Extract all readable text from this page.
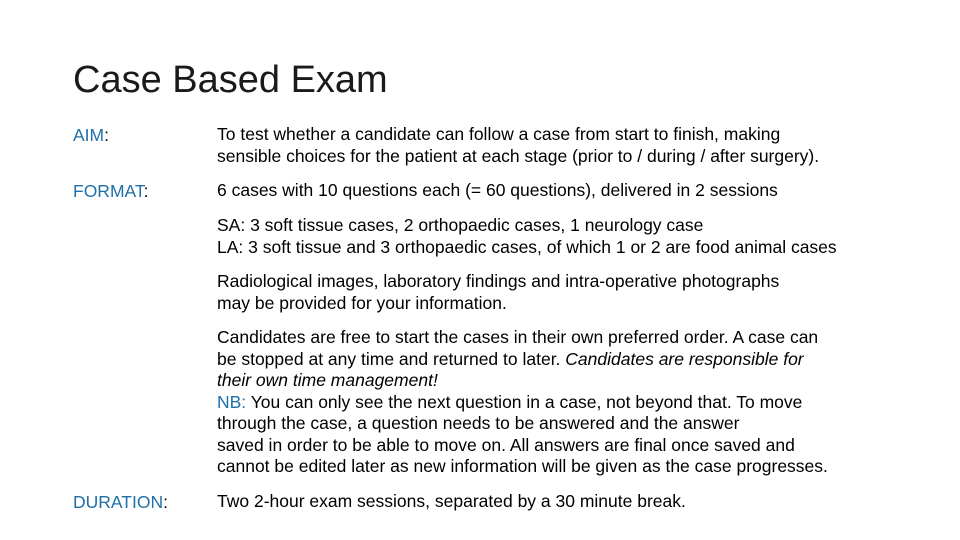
Case Based Exam
AIM:	To test whether a candidate can follow a case from start to finish, making
sensible choices for the patient at each stage (prior to / during / after surgery).
FORMAT:	6 cases with 10 questions each (= 60 questions), delivered in 2 sessions
SA: 3 soft tissue cases, 2 orthopaedic cases, 1 neurology case
LA: 3 soft tissue and 3 orthopaedic cases, of which 1 or 2 are food animal cases
Radiological images, laboratory findings and intra-operative photographs
may be provided for your information.
Candidates are free to start the cases in their own preferred order. A case can
be stopped at any time and returned to later. Candidates are responsible for
their own time management!
NB: You can only see the next question in a case, not beyond that. To move
through the case, a question needs to be answered and the answer
saved in order to be able to move on. All answers are final once saved and
cannot be edited later as new information will be given as the case progresses.
DURATION:	Two 2-hour exam sessions, separated by a 30 minute break.
